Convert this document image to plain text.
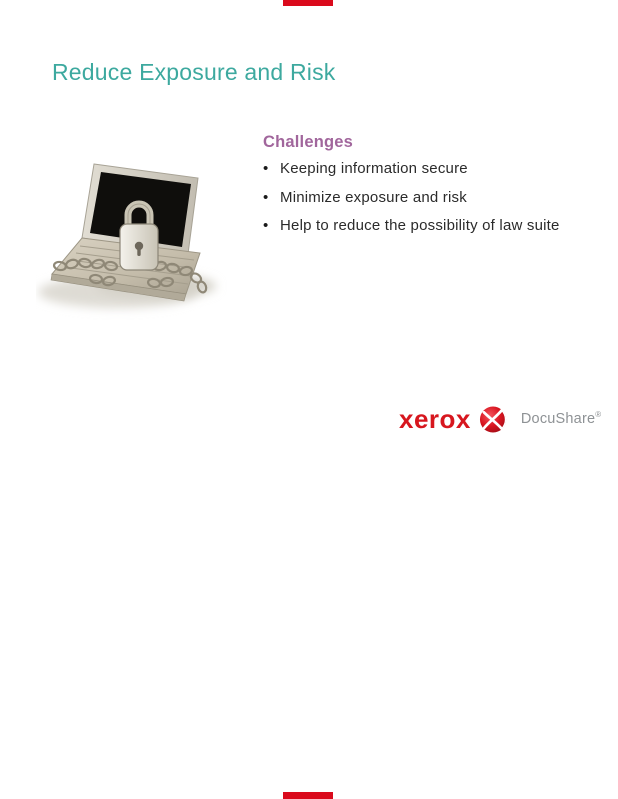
Reduce Exposure and Risk
Challenges
• Keeping information secure
• Minimize exposure and risk
• Help to reduce the possibility of law suite
xerox	DocuShare®
